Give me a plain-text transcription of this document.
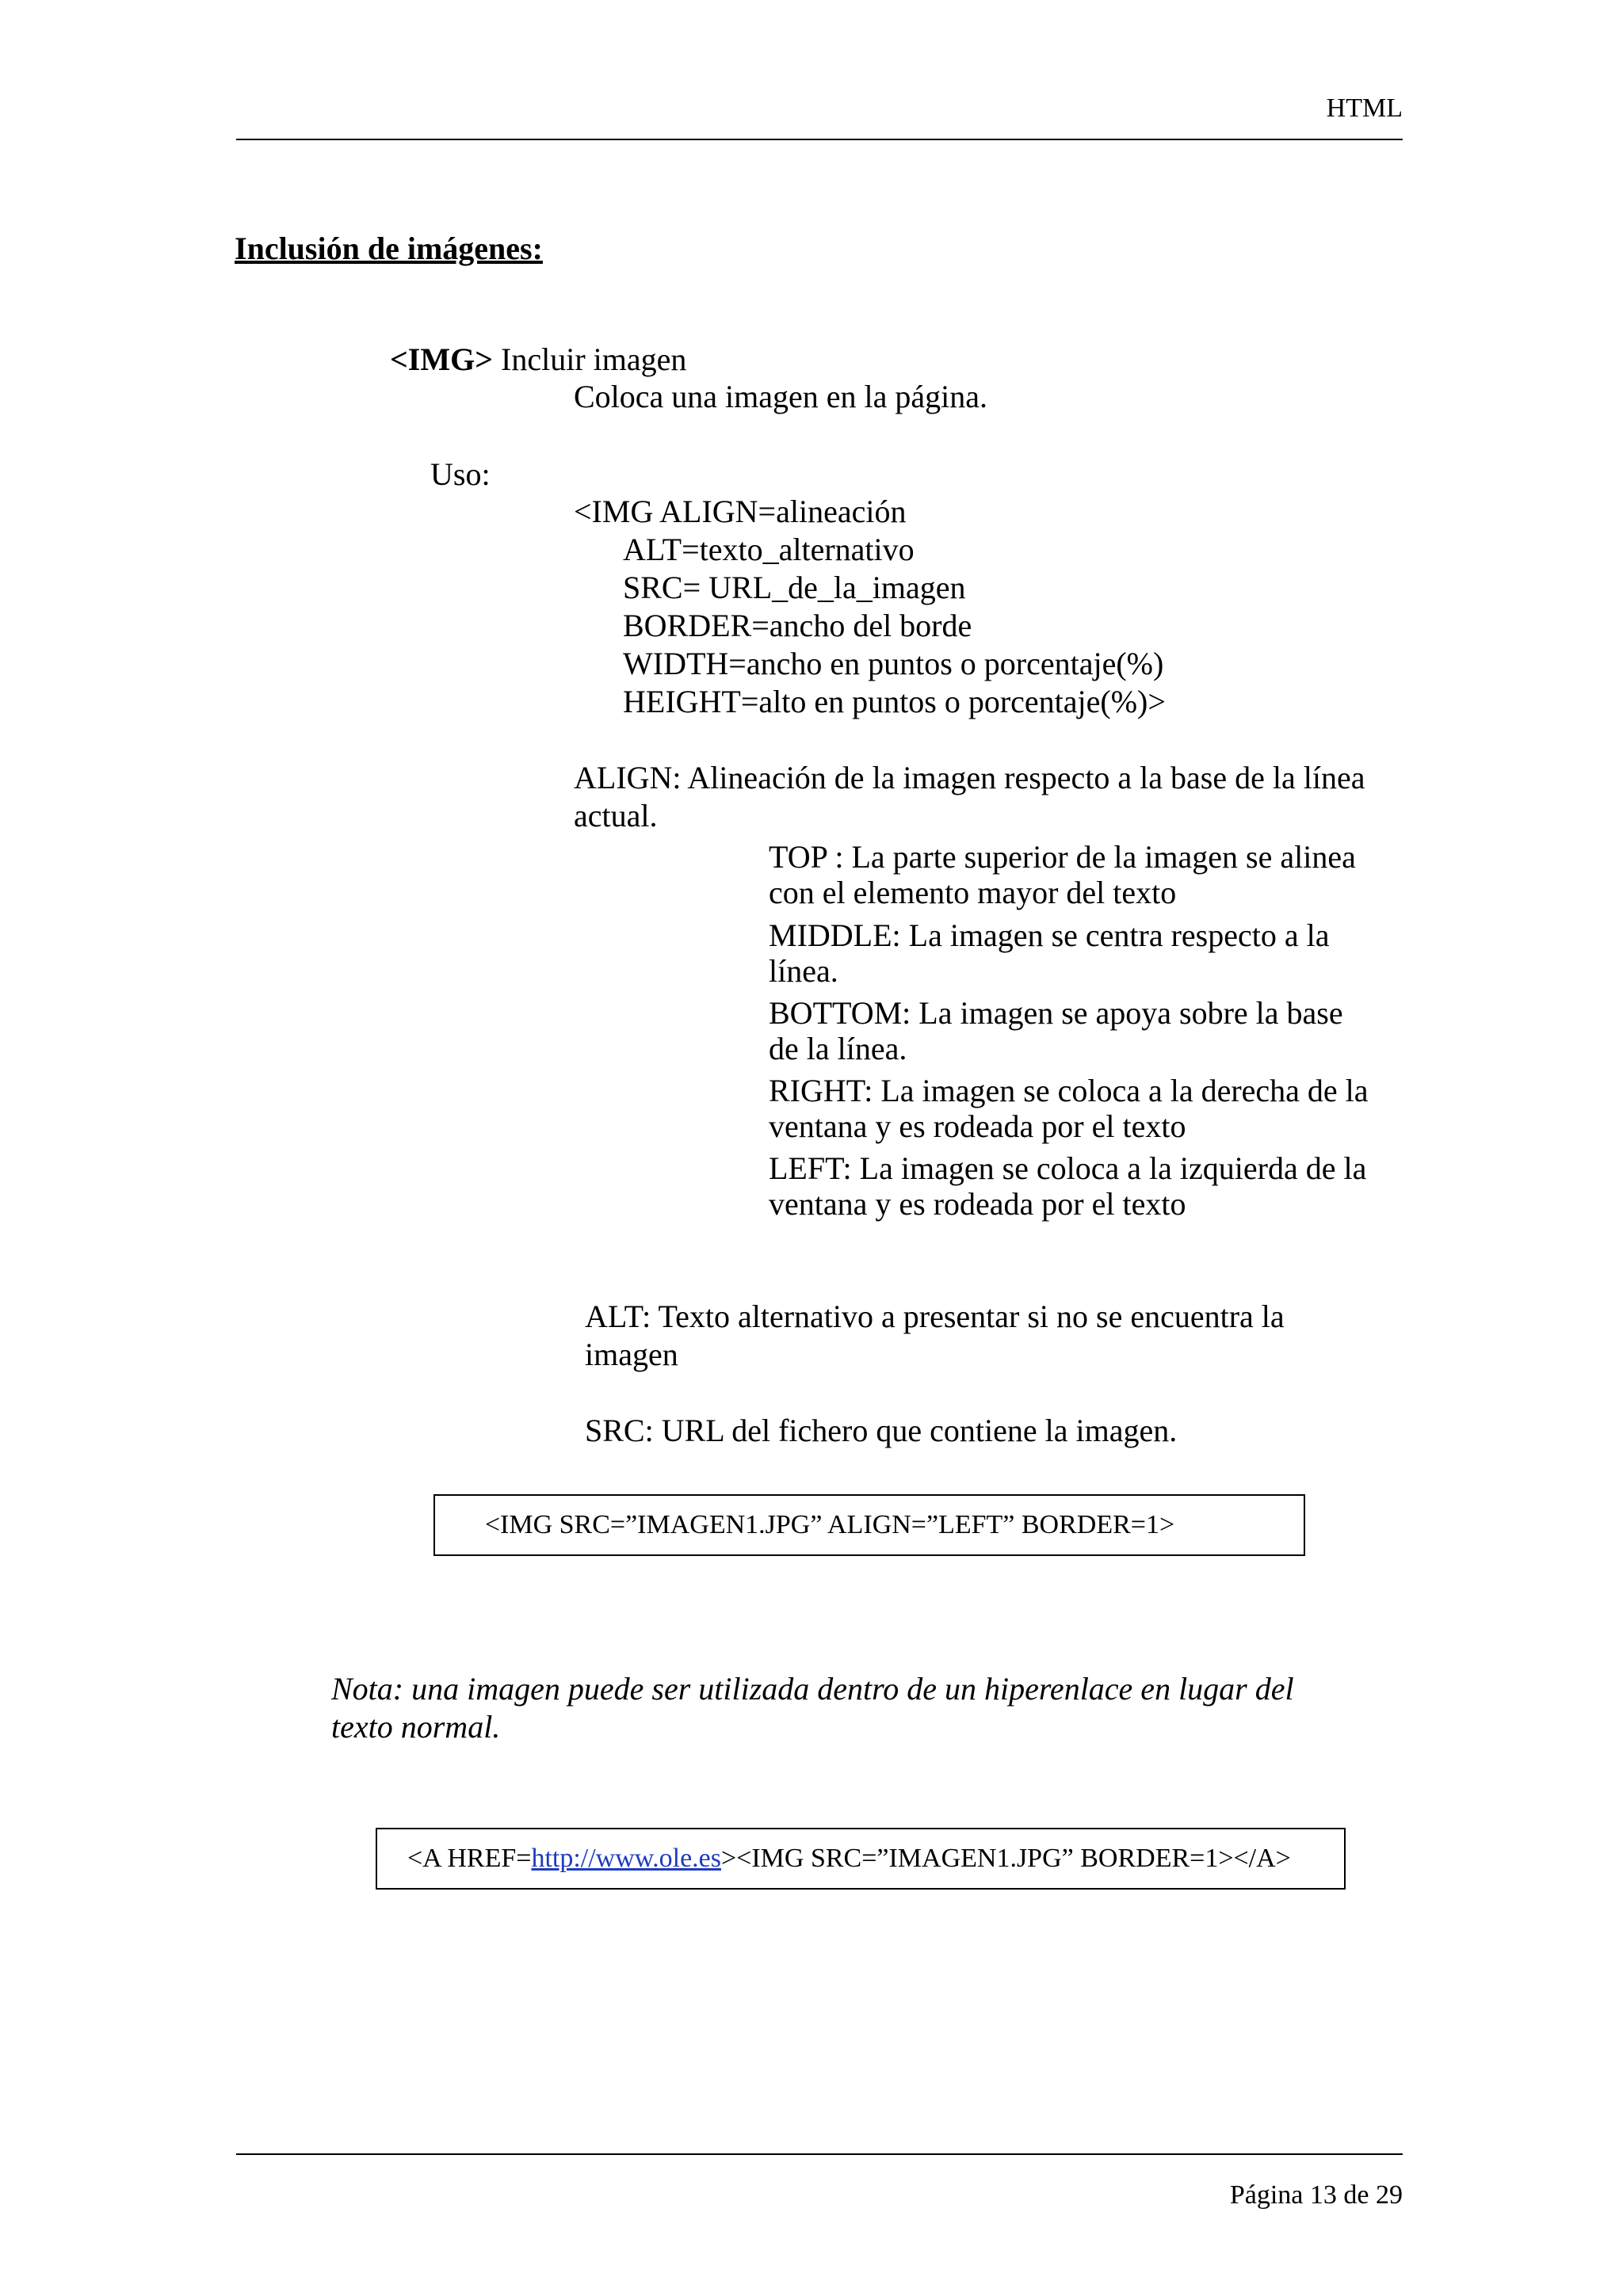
HTML
Inclusión de imágenes:
<IMG> Incluir imagen
Coloca una imagen en la página.
Uso:
<IMG ALIGN=alineación
ALT=texto_alternativo
SRC= URL_de_la_imagen
BORDER=ancho del borde
WIDTH=ancho en puntos o porcentaje(%)
HEIGHT=alto en puntos o porcentaje(%)>
ALIGN: Alineación de la imagen respecto a la base de la línea
actual.
TOP : La parte superior de la imagen se alinea
con el elemento mayor del texto
MIDDLE: La imagen se centra respecto a la
línea.
BOTTOM: La imagen se apoya sobre la base
de la línea.
RIGHT: La imagen se coloca a la derecha de la
ventana y es rodeada por el texto
LEFT: La imagen se coloca a la izquierda de la
ventana y es rodeada por el texto
ALT: Texto alternativo a presentar si no se encuentra la
imagen
SRC: URL del fichero que contiene la imagen.
<IMG SRC=”IMAGEN1.JPG” ALIGN=”LEFT” BORDER=1>
Nota: una imagen puede ser utilizada dentro de un hiperenlace en lugar del
texto normal.
<A HREF=http://www.ole.es><IMG SRC=”IMAGEN1.JPG” BORDER=1></A>
Página 13 de 29
